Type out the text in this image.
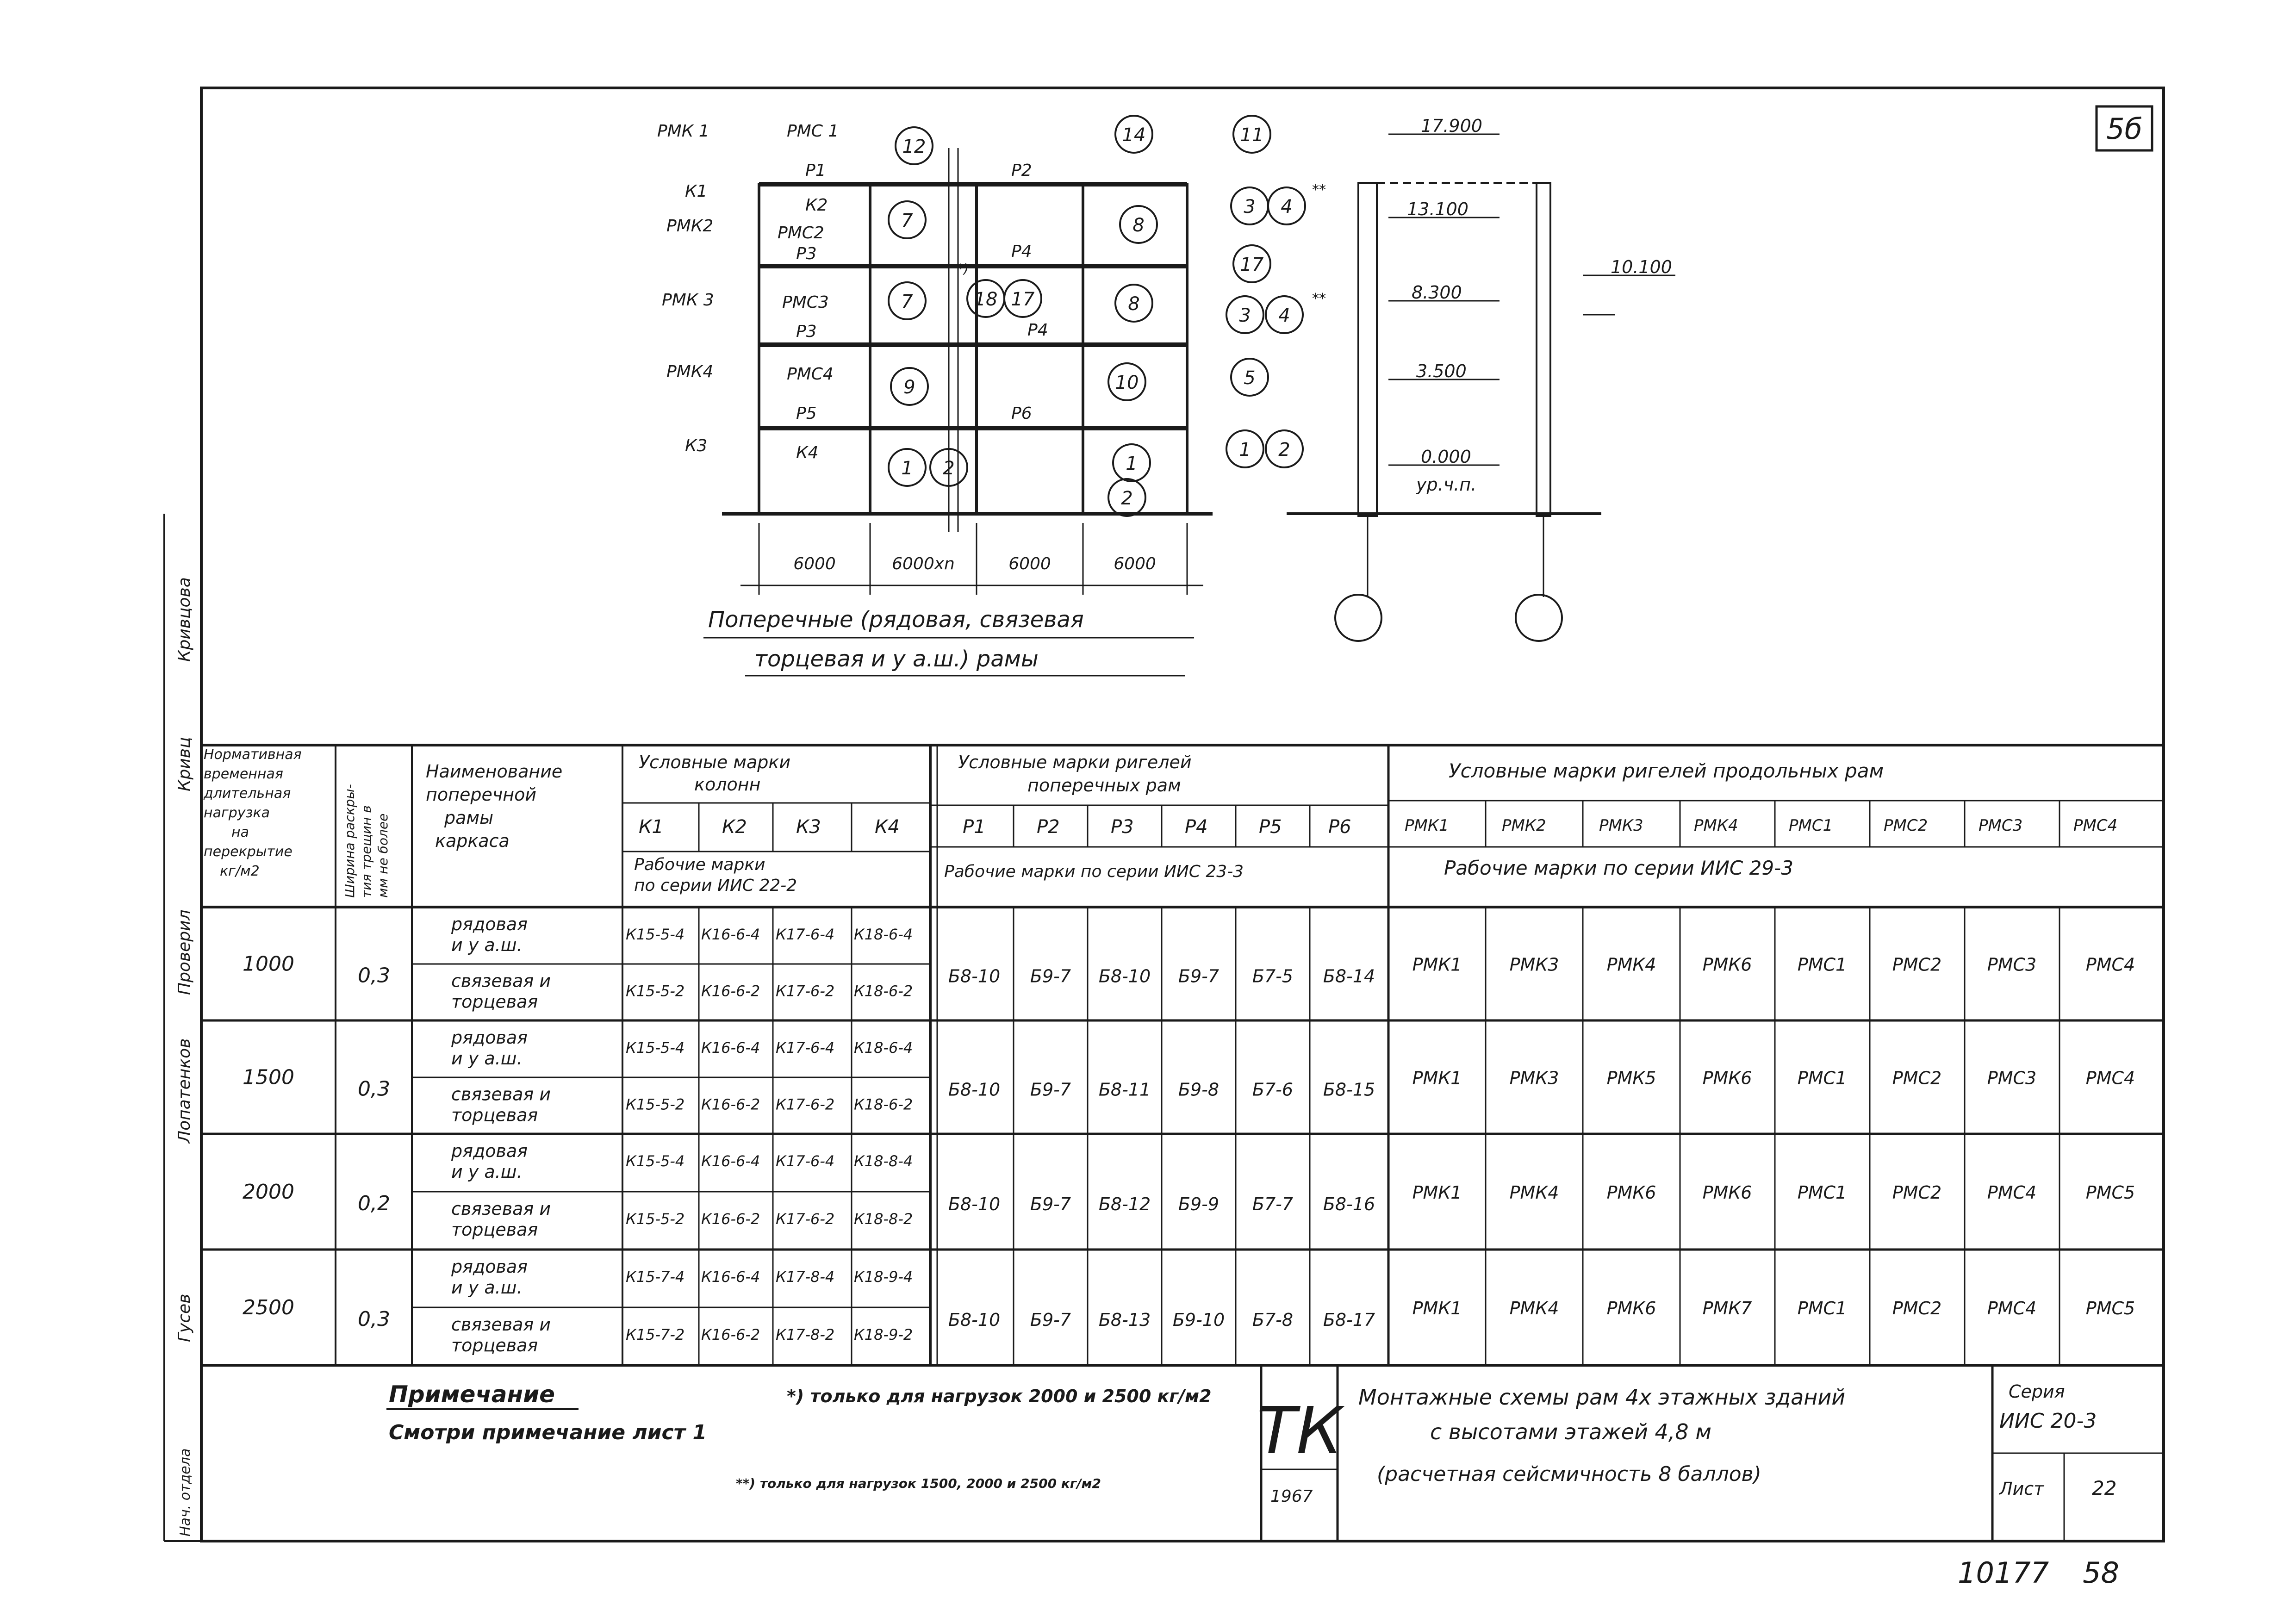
5б
Кривцова
Кривц
Проверил
Лопатенков
Гусев
Нач. отдела
РМК 1	РМС 1
К1
Р1
К2
РМК2	РМС2
Р3
РМК 3	РМС3
Р3
РМК4	РМС4
Р5
К3	К4
Р2
Р4
Р4
Р6
12
14	11
7	8
3 4
17
7	18 17	8
3 4
9	10	5
1 2	1
2
1 2
6000	6000хn	6000	6000
Поперечные (рядовая, связевая
торцевая и у а.ш.) рамы
17.900
13.100
8.300
3.500
0.000
ур.ч.п.
10.100
**
**
*)
Нормативная временная длительная нагрузка на перекрытие кг/м2	Ширина раскры- тия трещин в мм не более
Наименование поперечной рамы каркаса
Условные марки колонн
К1	К2	К3	К4
Рабочие марки по серии ИИС 22-2
Условные марки ригелей поперечных рам
Р1	Р2	Р3	Р4	Р5	Р6
Рабочие марки по серии ИИС 23-3
Условные марки ригелей продольных рам
РМК1	РМК2	РМК3	РМК4	РМС1	РМС2	РМС3	РМС4
Рабочие марки по серии ИИС 29-3
1000	0,3
рядовая
и у а.ш.
К15-5-4 К16-6-4 К17-6-4 К18-6-4
связевая и
торцевая
К15-5-2 К16-6-2 К17-6-2 К18-6-2
Б8-10 Б9-7 Б8-10 Б9-7 Б7-5 Б8-14
РМК1	РМК3	РМК4	РМК6	РМС1	РМС2	РМС3	РМС4
1500	0,3
рядовая
и у а.ш.
К15-5-4 К16-6-4 К17-6-4 К18-6-4
связевая и
торцевая
К15-5-2 К16-6-2 К17-6-2 К18-6-2
Б8-10 Б9-7 Б8-11 Б9-8 Б7-6 Б8-15
РМК1	РМК3	РМК5	РМК6	РМС1	РМС2	РМС3	РМС4
2000	0,2
рядовая
и у а.ш.
К15-5-4 К16-6-4 К17-6-4 К18-8-4
связевая и
торцевая
К15-5-2 К16-6-2 К17-6-2 К18-8-2
Б8-10 Б9-7 Б8-12 Б9-9 Б7-7 Б8-16
РМК1	РМК4	РМК6	РМК6	РМС1	РМС2	РМС4	РМС5
2500	0,3
рядовая
и у а.ш.
К15-7-4 К16-6-4 К17-8-4 К18-9-4
связевая и
торцевая
К15-7-2 К16-6-2 К17-8-2 К18-9-2
Б8-10 Б9-7 Б8-13 Б9-10 Б7-8 Б8-17
РМК1	РМК4	РМК6	РМК7	РМС1	РМС2	РМС4	РМС5
Примечание
Смотри примечание лист 1
*) только для нагрузок 2000 и 2500 кг/м2
**) только для нагрузок 1500, 2000 и 2500 кг/м2
ТК
1967
Монтажные схемы рам 4х этажных зданий
с высотами этажей 4,8 м
(расчетная сейсмичность 8 баллов)
Серия
ИИС 20-3
Лист 22
10177 58
